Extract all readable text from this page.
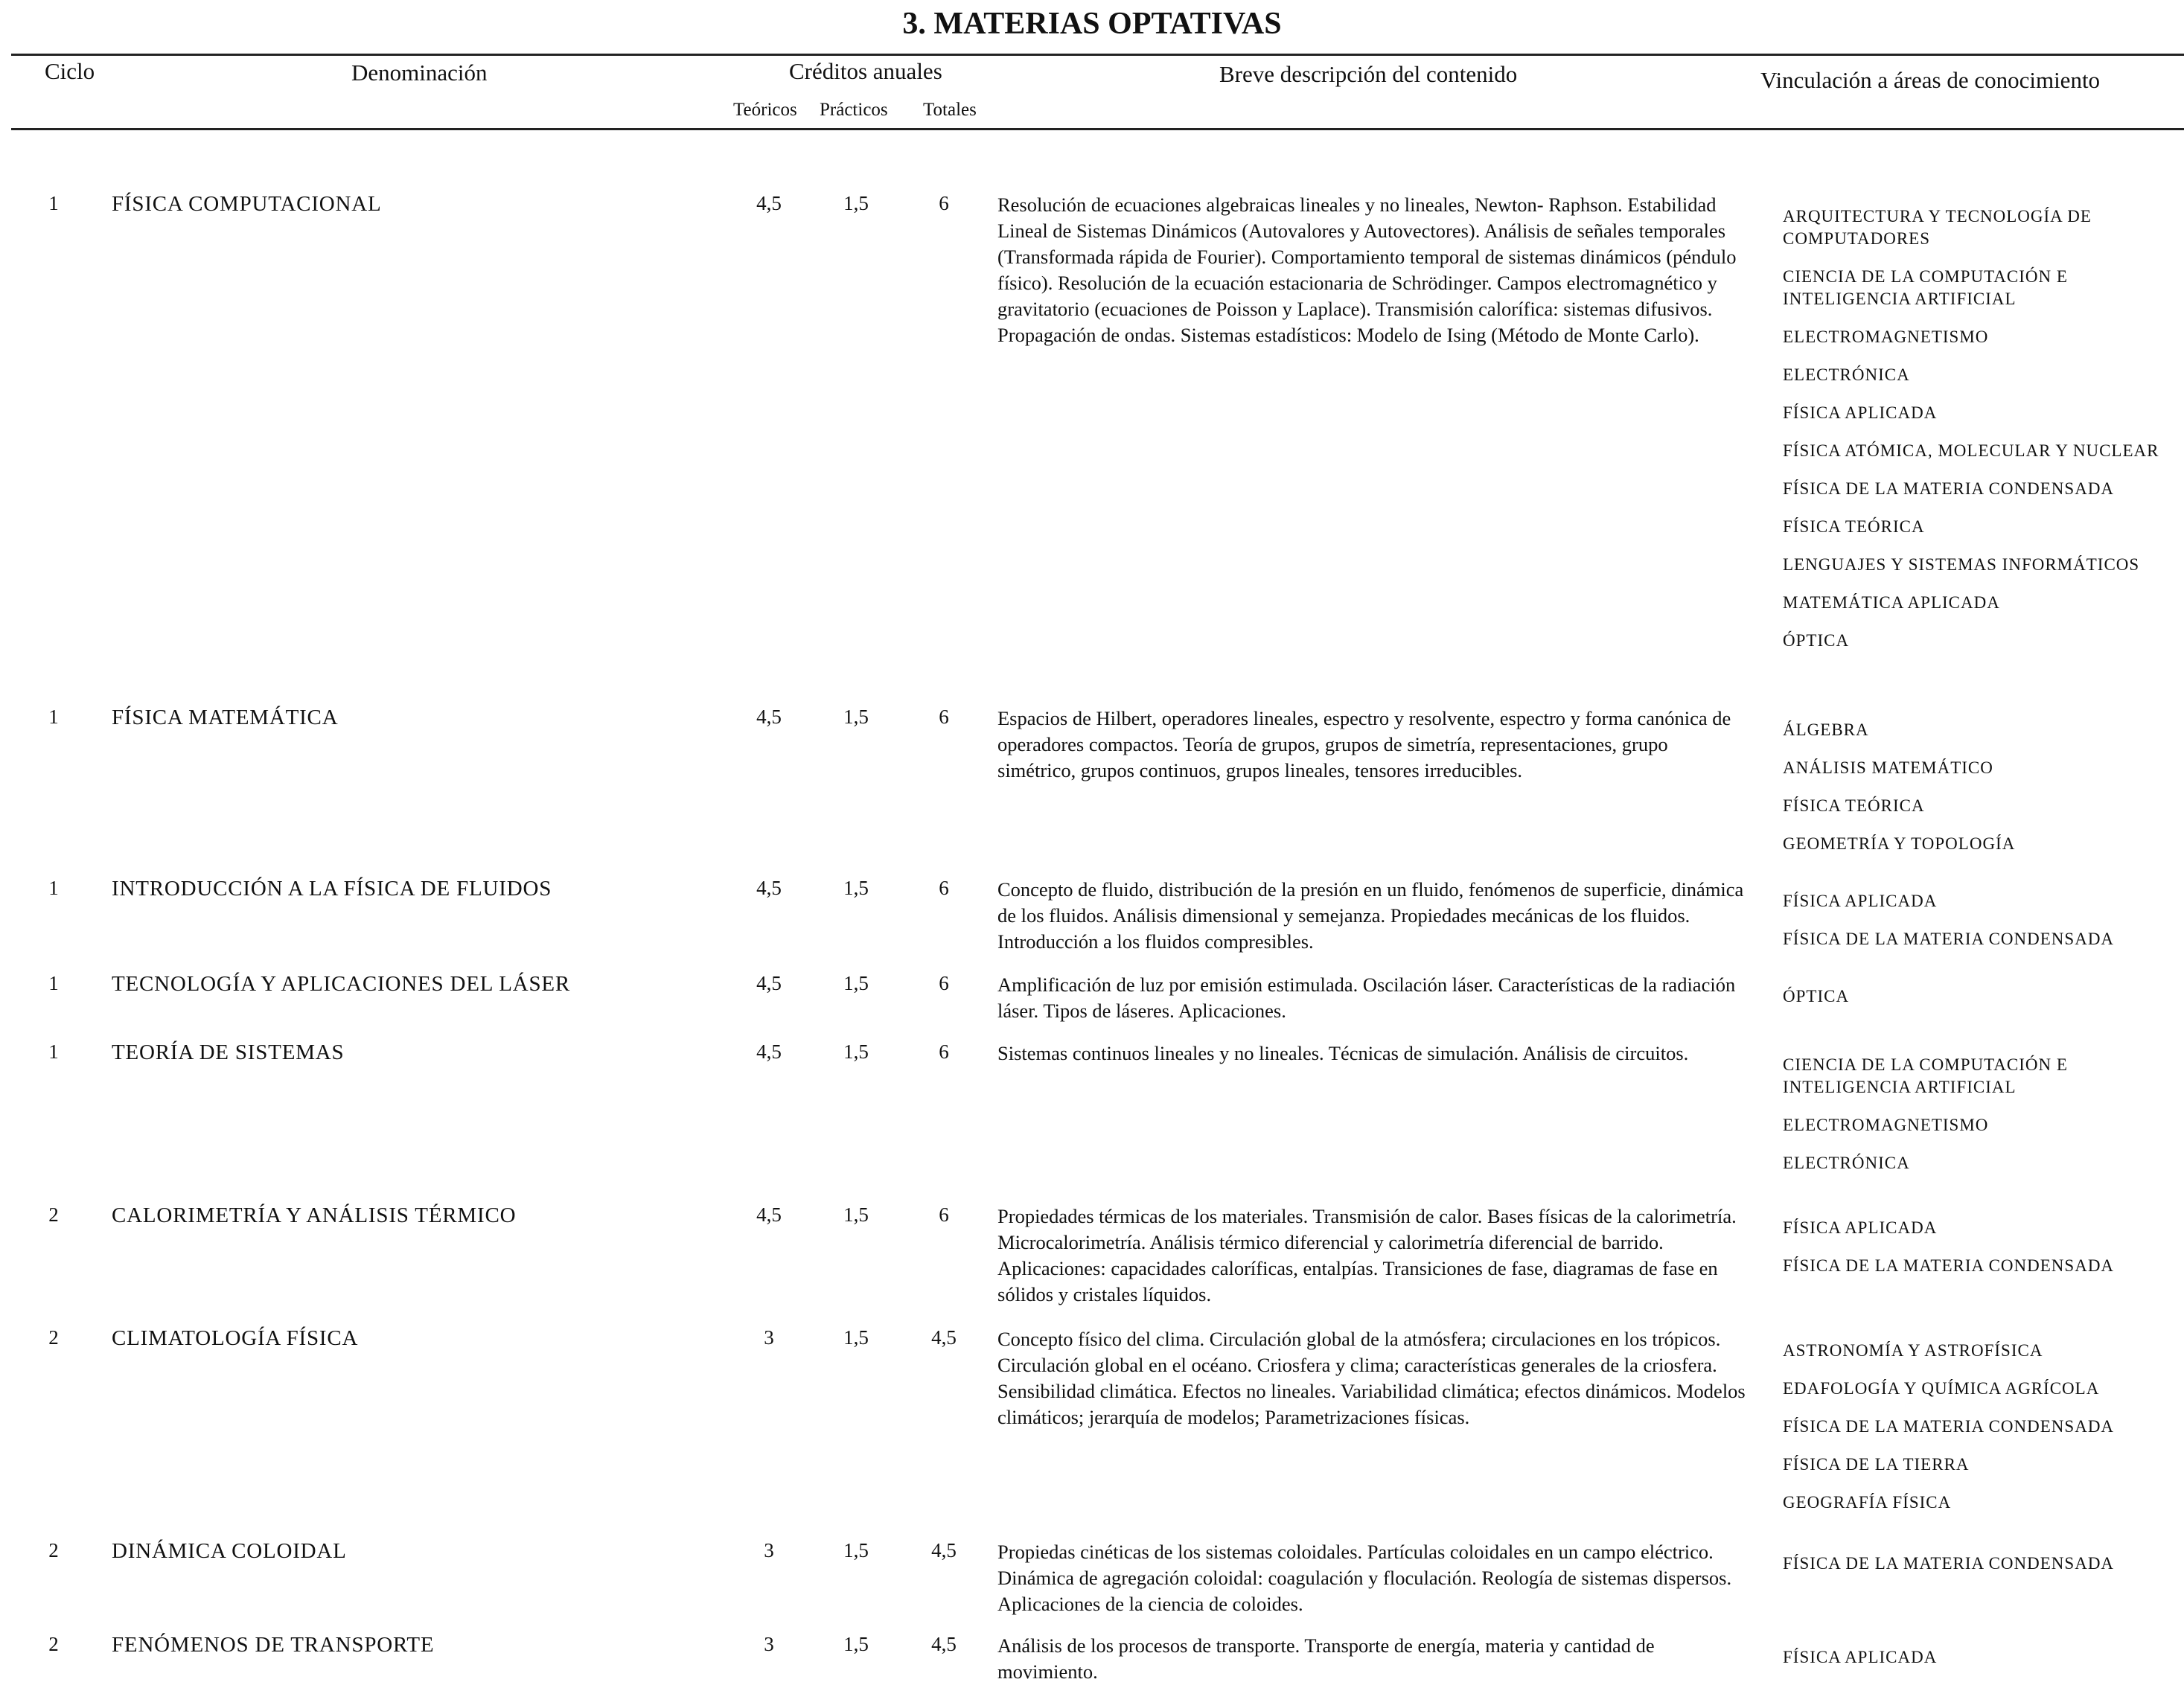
3. MATERIAS OPTATIVAS
Ciclo	Denominación	Créditos anuales
Teóricos Prácticos Totales
Breve descripción del contenido	Vinculación a áreas de conocimiento
1	FÍSICA COMPUTACIONAL	4,5	1,5	6	Resolución de ecuaciones algebraicas lineales y no lineales, Newton- Raphson. Estabilidad Lineal de Sistemas Dinámicos (Autovalores y Autovectores). Análisis de señales temporales (Transformada rápida de Fourier). Comportamiento temporal de sistemas dinámicos (péndulo físico). Resolución de la ecuación estacionaria de Schrödinger. Campos electromagnético y gravitatorio (ecuaciones de Poisson y Laplace). Transmisión calorífica: sistemas difusivos. Propagación de ondas. Sistemas estadísticos: Modelo de Ising (Método de Monte Carlo).
ARQUITECTURA Y TECNOLOGÍA DE COMPUTADORES
CIENCIA DE LA COMPUTACIÓN E INTELIGENCIA ARTIFICIAL
ELECTROMAGNETISMO
ELECTRÓNICA
FÍSICA APLICADA
FÍSICA ATÓMICA, MOLECULAR Y NUCLEAR
FÍSICA DE LA MATERIA CONDENSADA
FÍSICA TEÓRICA
LENGUAJES Y SISTEMAS INFORMÁTICOS
MATEMÁTICA APLICADA
ÓPTICA
1	FÍSICA MATEMÁTICA	4,5	1,5	6	Espacios de Hilbert, operadores lineales, espectro y resolvente, espectro y forma canónica de operadores compactos. Teoría de grupos, grupos de simetría, representaciones, grupo simétrico, grupos continuos, grupos lineales, tensores irreducibles.
ÁLGEBRA
ANÁLISIS MATEMÁTICO
FÍSICA TEÓRICA
GEOMETRÍA Y TOPOLOGÍA
1	INTRODUCCIÓN A LA FÍSICA DE FLUIDOS	4,5	1,5	6	Concepto de fluido, distribución de la presión en un fluido, fenómenos de superficie, dinámica de los fluidos. Análisis dimensional y semejanza. Propiedades mecánicas de los fluidos. Introducción a los fluidos compresibles.
FÍSICA APLICADA
FÍSICA DE LA MATERIA CONDENSADA
1	TECNOLOGÍA Y APLICACIONES DEL LÁSER	4,5	1,5	6	Amplificación de luz por emisión estimulada. Oscilación láser. Características de la radiación láser. Tipos de láseres. Aplicaciones.
ÓPTICA
1	TEORÍA DE SISTEMAS	4,5	1,5	6	Sistemas continuos lineales y no lineales. Técnicas de simulación. Análisis de circuitos.
CIENCIA DE LA COMPUTACIÓN E INTELIGENCIA ARTIFICIAL
ELECTROMAGNETISMO
ELECTRÓNICA
2	CALORIMETRÍA Y ANÁLISIS TÉRMICO	4,5	1,5	6	Propiedades térmicas de los materiales. Transmisión de calor. Bases físicas de la calorimetría. Microcalorimetría. Análisis térmico diferencial y calorimetría diferencial de barrido. Aplicaciones: capacidades caloríficas, entalpías. Transiciones de fase, diagramas de fase en sólidos y cristales líquidos.
FÍSICA APLICADA
FÍSICA DE LA MATERIA CONDENSADA
2	CLIMATOLOGÍA FÍSICA	3	1,5	4,5	Concepto físico del clima. Circulación global de la atmósfera; circulaciones en los trópicos. Circulación global en el océano. Criosfera y clima; características generales de la criosfera. Sensibilidad climática. Efectos no lineales. Variabilidad climática; efectos dinámicos. Modelos climáticos; jerarquía de modelos; Parametrizaciones físicas.
ASTRONOMÍA Y ASTROFÍSICA
EDAFOLOGÍA Y QUÍMICA AGRÍCOLA
FÍSICA DE LA MATERIA CONDENSADA
FÍSICA DE LA TIERRA
GEOGRAFÍA FÍSICA
2	DINÁMICA COLOIDAL	3	1,5	4,5	Propiedas cinéticas de los sistemas coloidales. Partículas coloidales en un campo eléctrico. Dinámica de agregación coloidal: coagulación y floculación. Reología de sistemas dispersos. Aplicaciones de la ciencia de coloides.
FÍSICA DE LA MATERIA CONDENSADA
2	FENÓMENOS DE TRANSPORTE	3	1,5	4,5	Análisis de los procesos de transporte. Transporte de energía, materia y cantidad de movimiento.
FÍSICA APLICADA
